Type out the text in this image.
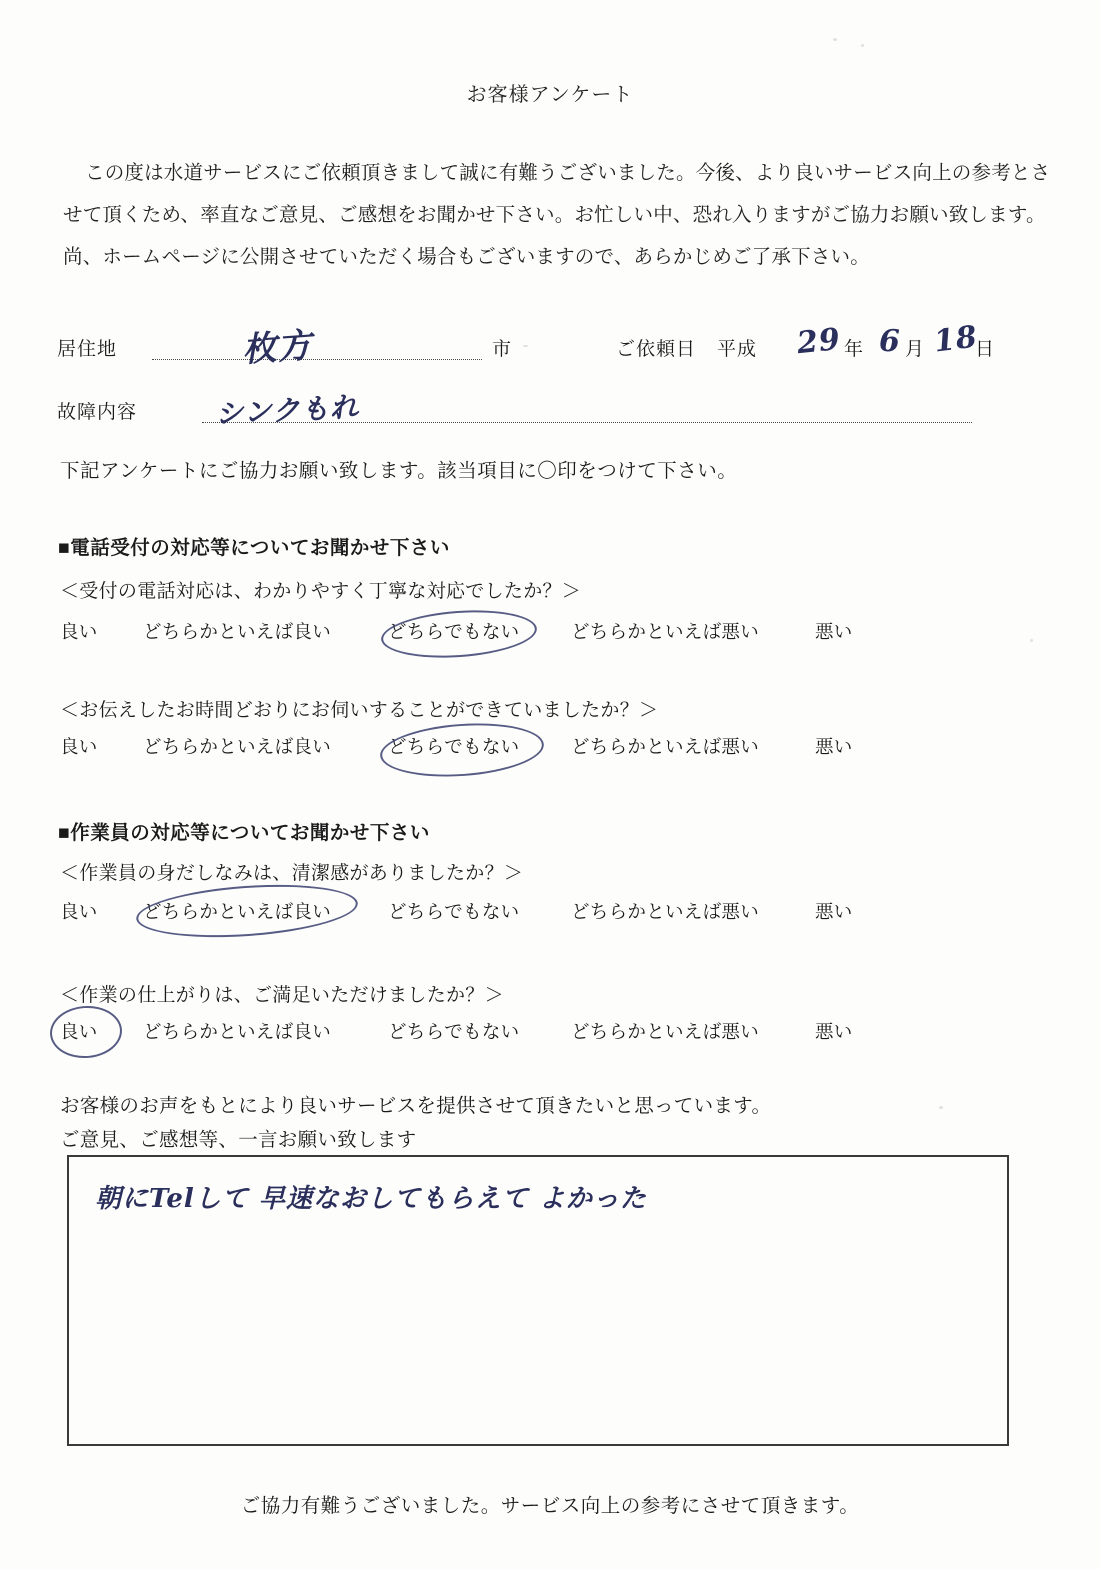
お客様アンケート

この度は水道サービスにご依頼頂きまして誠に有難うございました。今後、より良いサービス向上の参考とさせて頂くため、率直なご意見、ご感想をお聞かせ下さい。お忙しい中、恐れ入りますがご協力お願い致します。尚、ホームページに公開させていただく場合もございますので、あらかじめご了承下さい。

居住地	枚方	市	ご依頼日 平成 29 年 6 月 18
日
故障内容	シンクもれ
下記アンケートにご協力お願い致します。該当項目に〇印をつけて下さい。
■電話受付の対応等についてお聞かせ下さい
＜受付の電話対応は、わかりやすく丁寧な対応でしたか？＞
良い どちらかといえば良い	どちらでもない	どちらかといえば悪い	悪い
＜お伝えしたお時間どおりにお伺いすることができていましたか？＞
良い どちらかといえば良い	どちらでもない	どちらかといえば悪い	悪い
■作業員の対応等についてお聞かせ下さい
＜作業員の身だしなみは、清潔感がありましたか？＞
良い どちらかといえば良い	どちらでもない	どちらかといえば悪い	悪い
＜作業の仕上がりは、ご満足いただけましたか？＞
良い どちらかといえば良い	どちらでもない	どちらかといえば悪い	悪い
お客様のお声をもとにより良いサービスを提供させて頂きたいと思っています。
ご意見、ご感想等、一言お願い致します
朝にTelして 早速なおしてもらえて よかった
ご協力有難うございました。サービス向上の参考にさせて頂きます。
